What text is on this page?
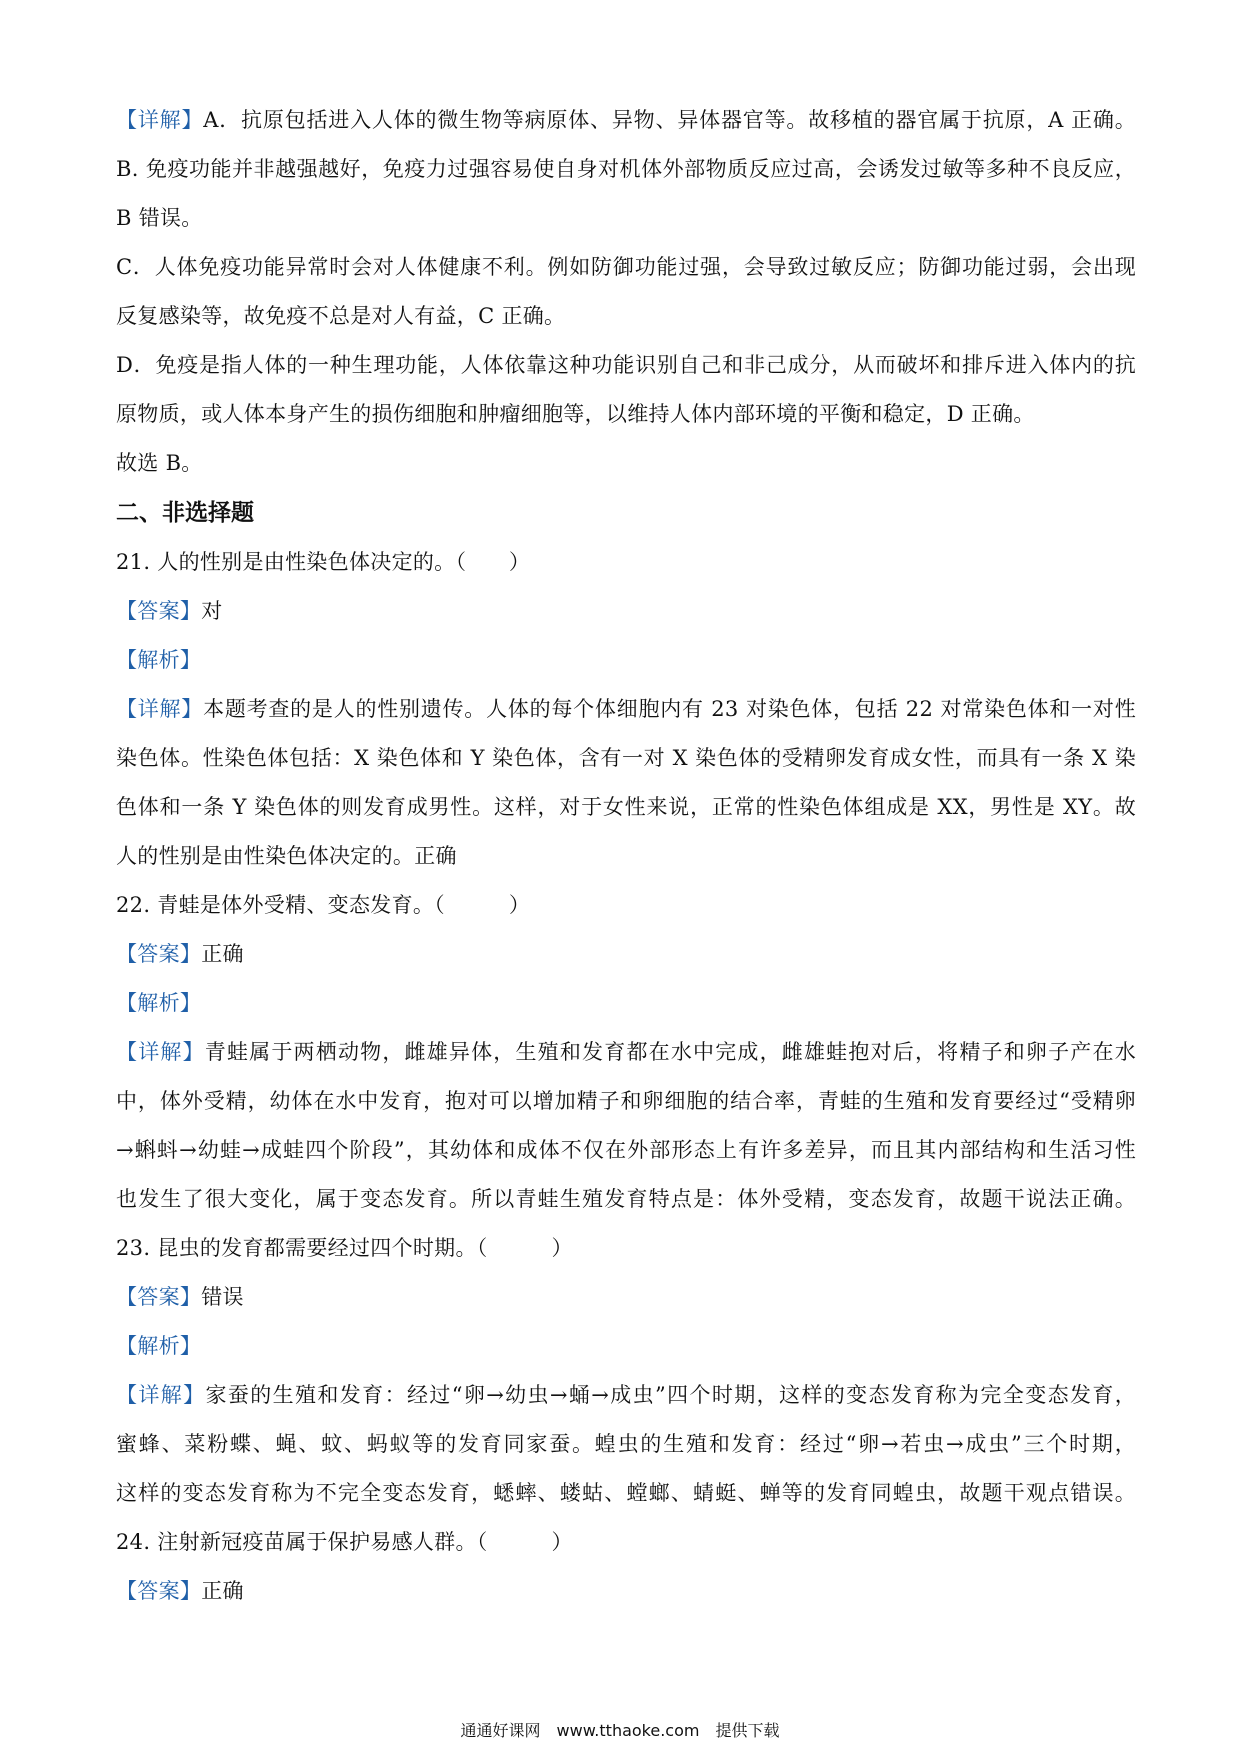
【详解】A．抗原包括进入人体的微生物等病原体、异物、异体器官等。故移植的器官属于抗原，A 正确。

B. 免疫功能并非越强越好，免疫力过强容易使自身对机体外部物质反应过高，会诱发过敏等多种不良反应，

B 错误。

C．人体免疫功能异常时会对人体健康不利。例如防御功能过强，会导致过敏反应；防御功能过弱，会出现

反复感染等，故免疫不总是对人有益，C 正确。

D．免疫是指人体的一种生理功能，人体依靠这种功能识别自己和非己成分，从而破坏和排斥进入体内的抗

原物质，或人体本身产生的损伤细胞和肿瘤细胞等，以维持人体内部环境的平衡和稳定，D 正确。

故选 B。

二、非选择题

21. 人的性别是由性染色体决定的。（　　）

【答案】对

【解析】

【详解】本题考查的是人的性别遗传。人体的每个体细胞内有 23 对染色体，包括 22 对常染色体和一对性

染色体。性染色体包括：X 染色体和 Y 染色体，含有一对 X 染色体的受精卵发育成女性，而具有一条 X 染

色体和一条 Y 染色体的则发育成男性。这样，对于女性来说，正常的性染色体组成是 XX，男性是 XY。故

人的性别是由性染色体决定的。正确

22. 青蛙是体外受精、变态发育。（　　　）

【答案】正确

【解析】

【详解】青蛙属于两栖动物，雌雄异体，生殖和发育都在水中完成，雌雄蛙抱对后，将精子和卵子产在水

中，体外受精，幼体在水中发育，抱对可以增加精子和卵细胞的结合率，青蛙的生殖和发育要经过“受精卵

→蝌蚪→幼蛙→成蛙四个阶段”，其幼体和成体不仅在外部形态上有许多差异，而且其内部结构和生活习性

也发生了很大变化，属于变态发育。所以青蛙生殖发育特点是：体外受精，变态发育，故题干说法正确。

23. 昆虫的发育都需要经过四个时期。（　　　）

【答案】错误

【解析】

【详解】家蚕的生殖和发育：经过“卵→幼虫→蛹→成虫”四个时期，这样的变态发育称为完全变态发育，

蜜蜂、菜粉蝶、蝇、蚊、蚂蚁等的发育同家蚕。蝗虫的生殖和发育：经过“卵→若虫→成虫”三个时期，

这样的变态发育称为不完全变态发育，蟋蟀、蝼蛄、螳螂、蜻蜓、蝉等的发育同蝗虫，故题干观点错误。

24. 注射新冠疫苗属于保护易感人群。（　　　）

【答案】正确

通通好课网　www.tthaoke.com　提供下载
